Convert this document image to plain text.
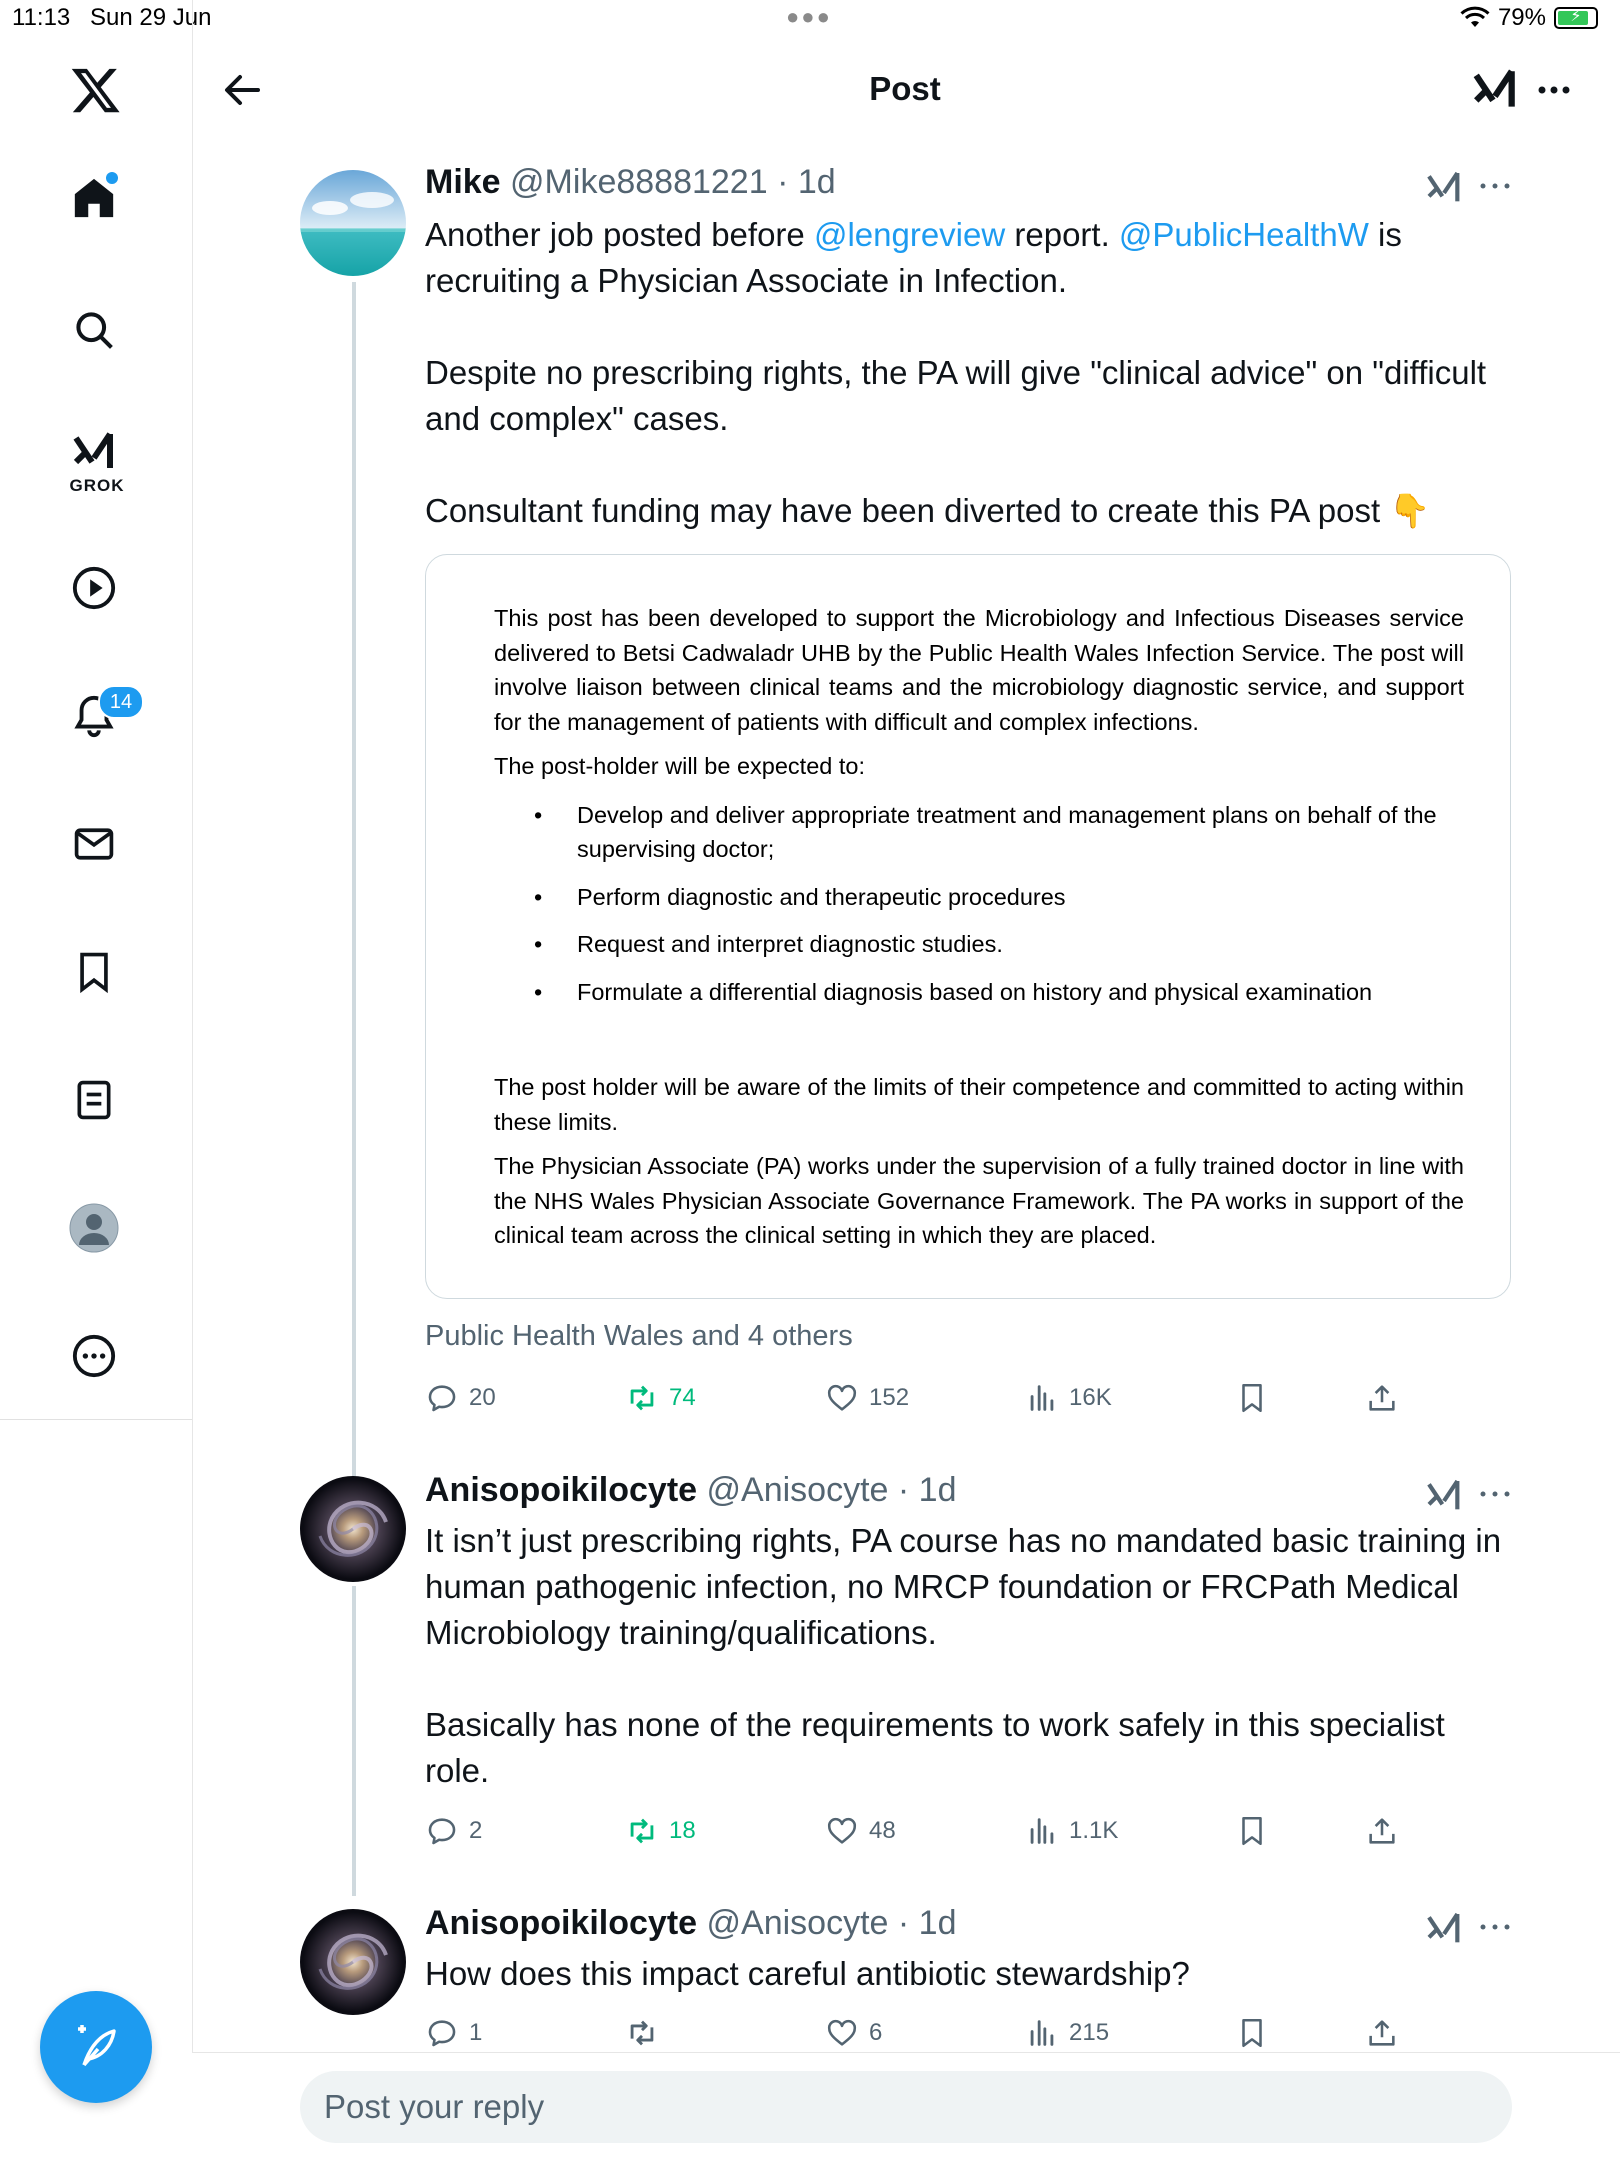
11:13 Sun 29 Jun	●●●	79%	⚡
GROK
14
Post
Mike @Mike88881221 · 1d

Another job posted before @lengreview report. @PublicHealthW is recruiting a Physician Associate in Infection.

Despite no prescribing rights, the PA will give "clinical advice" on "difficult and complex" cases.

Consultant funding may have been diverted to create this PA post 👇

This post has been developed to support the Microbiology and Infectious Diseases service delivered to Betsi Cadwaladr UHB by the Public Health Wales Infection Service. The post will involve liaison between clinical teams and the microbiology diagnostic service, and support for the management of patients with difficult and complex infections.

The post-holder will be expected to:

• Develop and deliver appropriate treatment and management plans on behalf of the supervising doctor;
• Perform diagnostic and therapeutic procedures
• Request and interpret diagnostic studies.
• Formulate a differential diagnosis based on history and physical examination

The post holder will be aware of the limits of their competence and committed to acting within these limits.

The Physician Associate (PA) works under the supervision of a fully trained doctor in line with the NHS Wales Physician Associate Governance Framework. The PA works in support of the clinical team across the clinical setting in which they are placed.

Public Health Wales and 4 others
20	74	152	16K
Anisopoikilocyte @Anisocyte · 1d

It isn’t just prescribing rights, PA course has no mandated basic training in human pathogenic infection, no MRCP foundation or FRCPath Medical Microbiology training/qualifications.

Basically has none of the requirements to work safely in this specialist role.

2	18	48	1.1K
Anisopoikilocyte @Anisocyte · 1d

How does this impact careful antibiotic stewardship?

1	6	215
Post your reply
